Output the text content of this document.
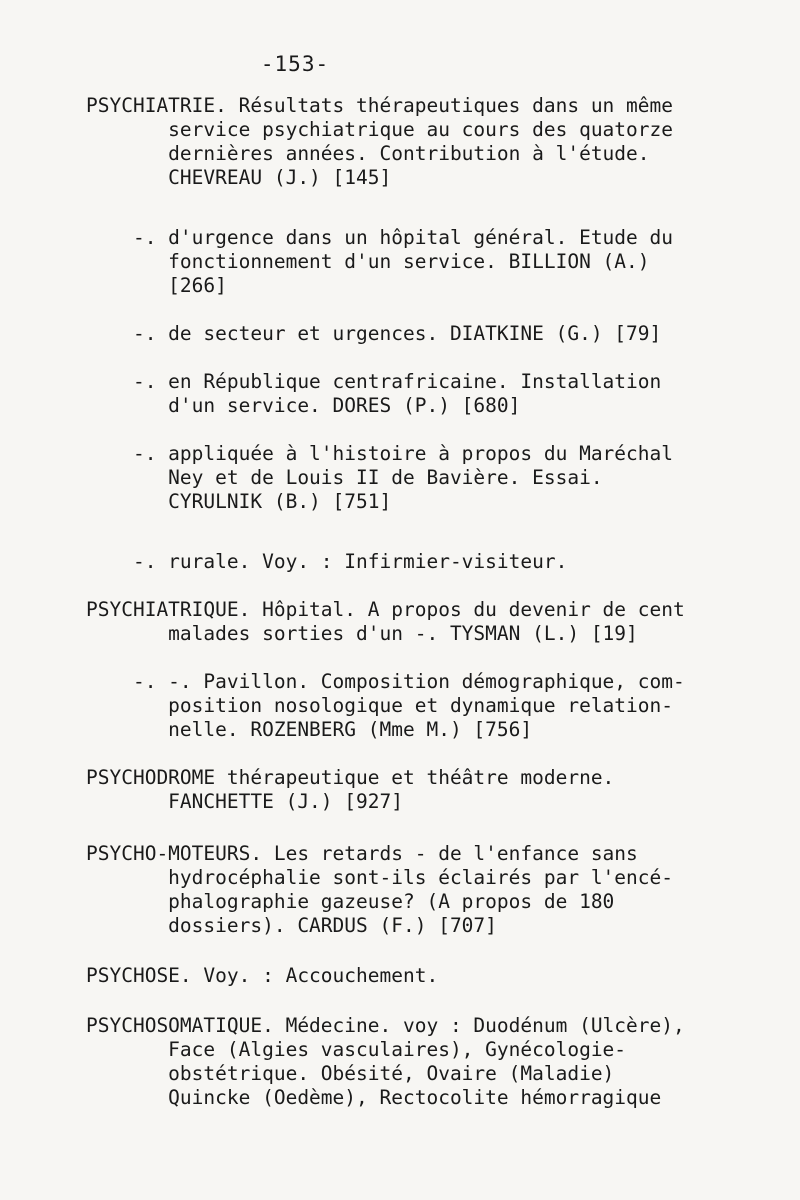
-153-
PSYCHIATRIE. Résultats thérapeutiques dans un même
service psychiatrique au cours des quatorze
dernières années. Contribution à l'étude.
CHEVREAU (J.) [145]
-. d'urgence dans un hôpital général. Etude du
fonctionnement d'un service. BILLION (A.)
[266]
-. de secteur et urgences. DIATKINE (G.) [79]
-. en République centrafricaine. Installation
d'un service. DORES (P.) [680]
-. appliquée à l'histoire à propos du Maréchal
Ney et de Louis II de Bavière. Essai.
CYRULNIK (B.) [751]
-. rurale. Voy. : Infirmier-visiteur.
PSYCHIATRIQUE. Hôpital. A propos du devenir de cent
malades sorties d'un -. TYSMAN (L.) [19]
-. -. Pavillon. Composition démographique, com-
position nosologique et dynamique relation-
nelle. ROZENBERG (Mme M.) [756]
PSYCHODROME thérapeutique et théâtre moderne.
FANCHETTE (J.) [927]
PSYCHO-MOTEURS. Les retards - de l'enfance sans
hydrocéphalie sont-ils éclairés par l'encé-
phalographie gazeuse? (A propos de 180
dossiers). CARDUS (F.) [707]
PSYCHOSE. Voy. : Accouchement.
PSYCHOSOMATIQUE. Médecine. voy : Duodénum (Ulcère),
Face (Algies vasculaires), Gynécologie-
obstétrique. Obésité, Ovaire (Maladie)
Quincke (Oedème), Rectocolite hémorragique
